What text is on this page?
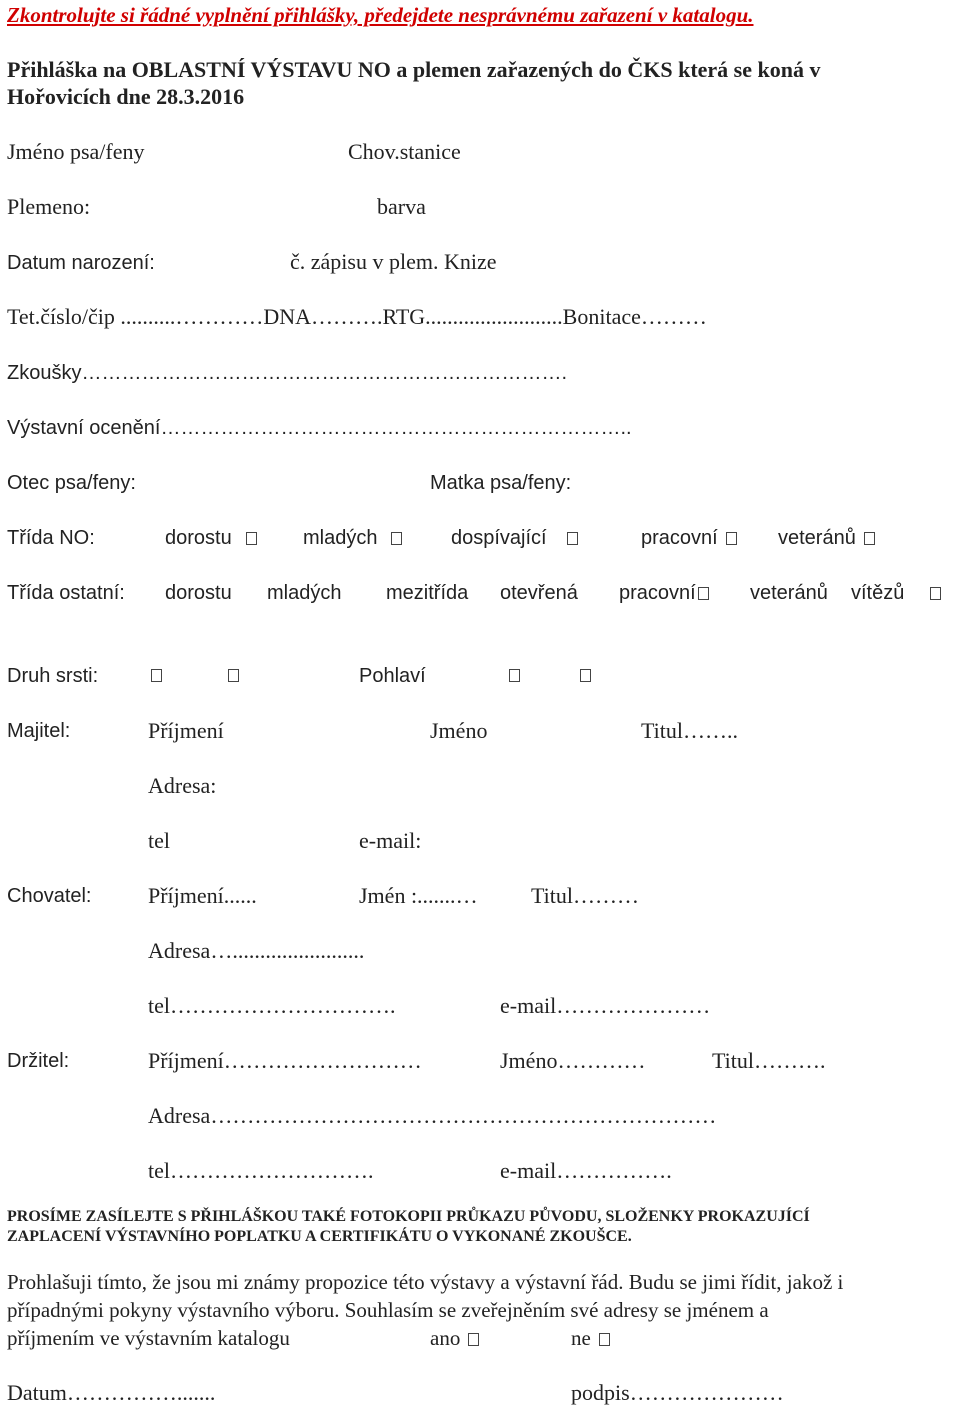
Zkontrolujte si řádné vyplnění přihlášky, předejdete nesprávnému zařazení v katalogu.
Přihláška na OBLASTNÍ VÝSTAVU NO a plemen zařazených do ČKS která se koná v
Hořovicích dne 28.3.2016
Jméno psa/feny	Chov.stanice
Plemeno:	barva
Datum narození:	č. zápisu v plem. Knize
Tet.číslo/čip ..........…………DNA……….RTG.........................Bonitace………
Zkoušky……………………………………………………………….
Výstavní ocenění……………………………………………………………..
Otec psa/feny:	Matka psa/feny:
Třída NO:	dorostu	mladých	dospívající	pracovní	veteránů
Třída ostatní: dorostu mladých mezitřída otevřená pracovní	veteránů vítězů
Druh srsti:	Pohlaví
Majitel:	Příjmení	Jméno	Titul……..
Adresa:
tel	e-mail:
Chovatel:	Příjmení......	Jmén :.......… Titul………
Adresa…........................
tel………………………….	e-mail…………………
Držitel:	Příjmení………………………	Jméno…………	Titul……….
Adresa……………………………………………………………
tel……………………….	e-mail…………….
PROSÍME ZASÍLEJTE S PŘIHLÁŠKOU TAKÉ FOTOKOPII PRŮKAZU PŮVODU, SLOŽENKY PROKAZUJÍCÍ
ZAPLACENÍ VÝSTAVNÍHO POPLATKU A CERTIFIKÁTU O VYKONANÉ ZKOUŠCE.
Prohlašuji tímto, že jsou mi známy propozice této výstavy a výstavní řád. Budu se jimi řídit, jakož i
případnými pokyny výstavního výboru. Souhlasím se zveřejněním své adresy se jménem a
příjmením ve výstavním katalogu	ano	ne
Datum…………….......	podpis…………………
